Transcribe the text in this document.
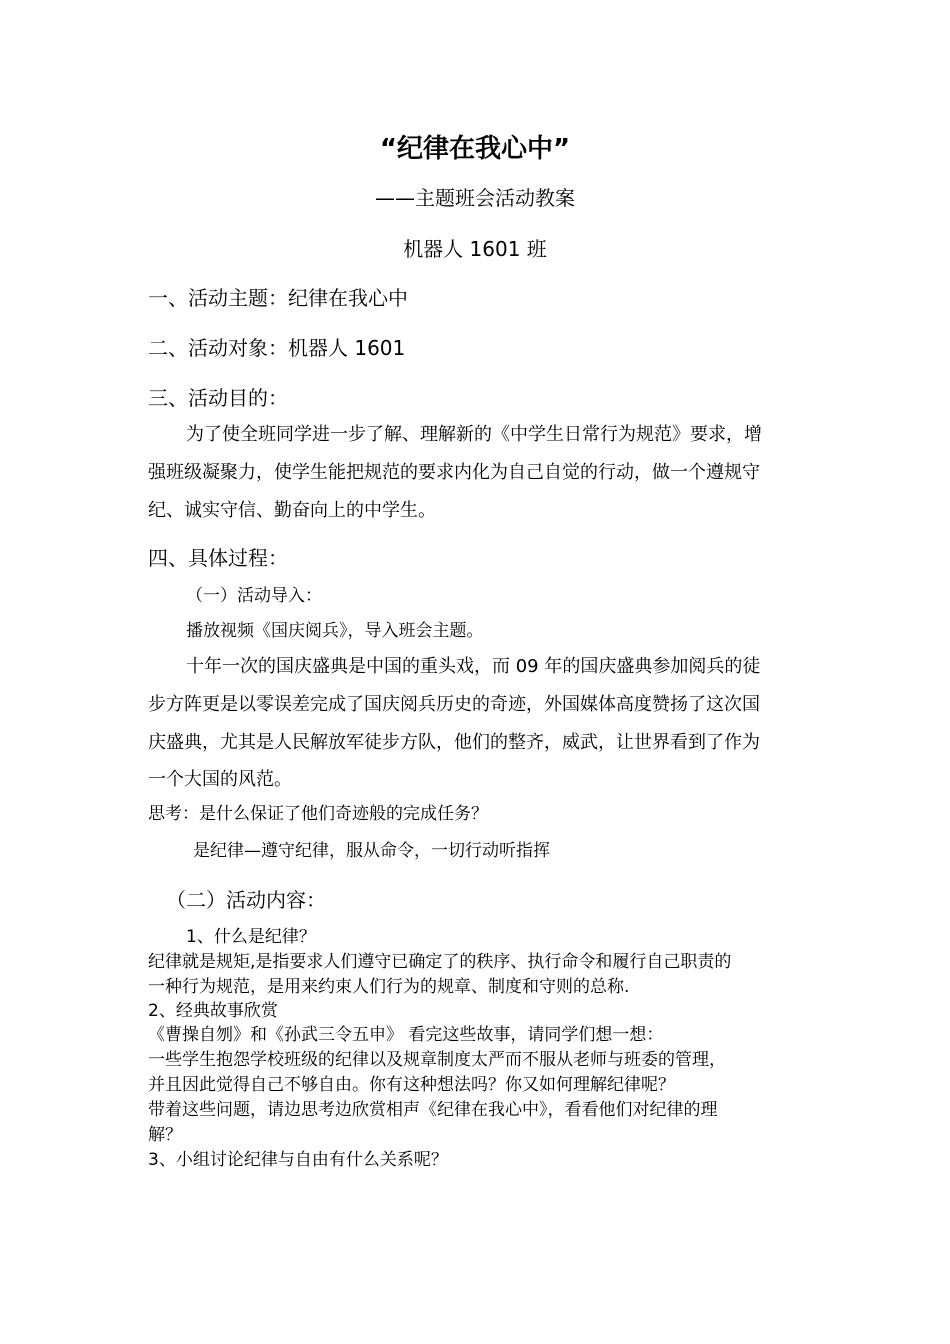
“纪律在我心中”
——主题班会活动教案
机器人 1601 班
一、活动主题：纪律在我心中
二、活动对象：机器人 1601
三、活动目的：
为了使全班同学进一步了解、理解新的《中学生日常行为规范》要求，增
强班级凝聚力，使学生能把规范的要求内化为自己自觉的行动，做一个遵规守
纪、诚实守信、勤奋向上的中学生。
四、具体过程：
（一）活动导入：
播放视频《国庆阅兵》，导入班会主题。
十年一次的国庆盛典是中国的重头戏，而 09 年的国庆盛典参加阅兵的徒
步方阵更是以零误差完成了国庆阅兵历史的奇迹，外国媒体高度赞扬了这次国
庆盛典，尤其是人民解放军徒步方队，他们的整齐，威武，让世界看到了作为
一个大国的风范。
思考：是什么保证了他们奇迹般的完成任务？
是纪律—遵守纪律，服从命令，一切行动听指挥
（二）活动内容：
1、什么是纪律？
纪律就是规矩,是指要求人们遵守已确定了的秩序、执行命令和履行自己职责的
一种行为规范，是用来约束人们行为的规章、制度和守则的总称.
2、经典故事欣赏
《曹操自刎》和《孙武三令五申》 看完这些故事，请同学们想一想：
一些学生抱怨学校班级的纪律以及规章制度太严而不服从老师与班委的管理，
并且因此觉得自己不够自由。你有这种想法吗？你又如何理解纪律呢？
带着这些问题，请边思考边欣赏相声《纪律在我心中》，看看他们对纪律的理
解？
3、小组讨论纪律与自由有什么关系呢？
